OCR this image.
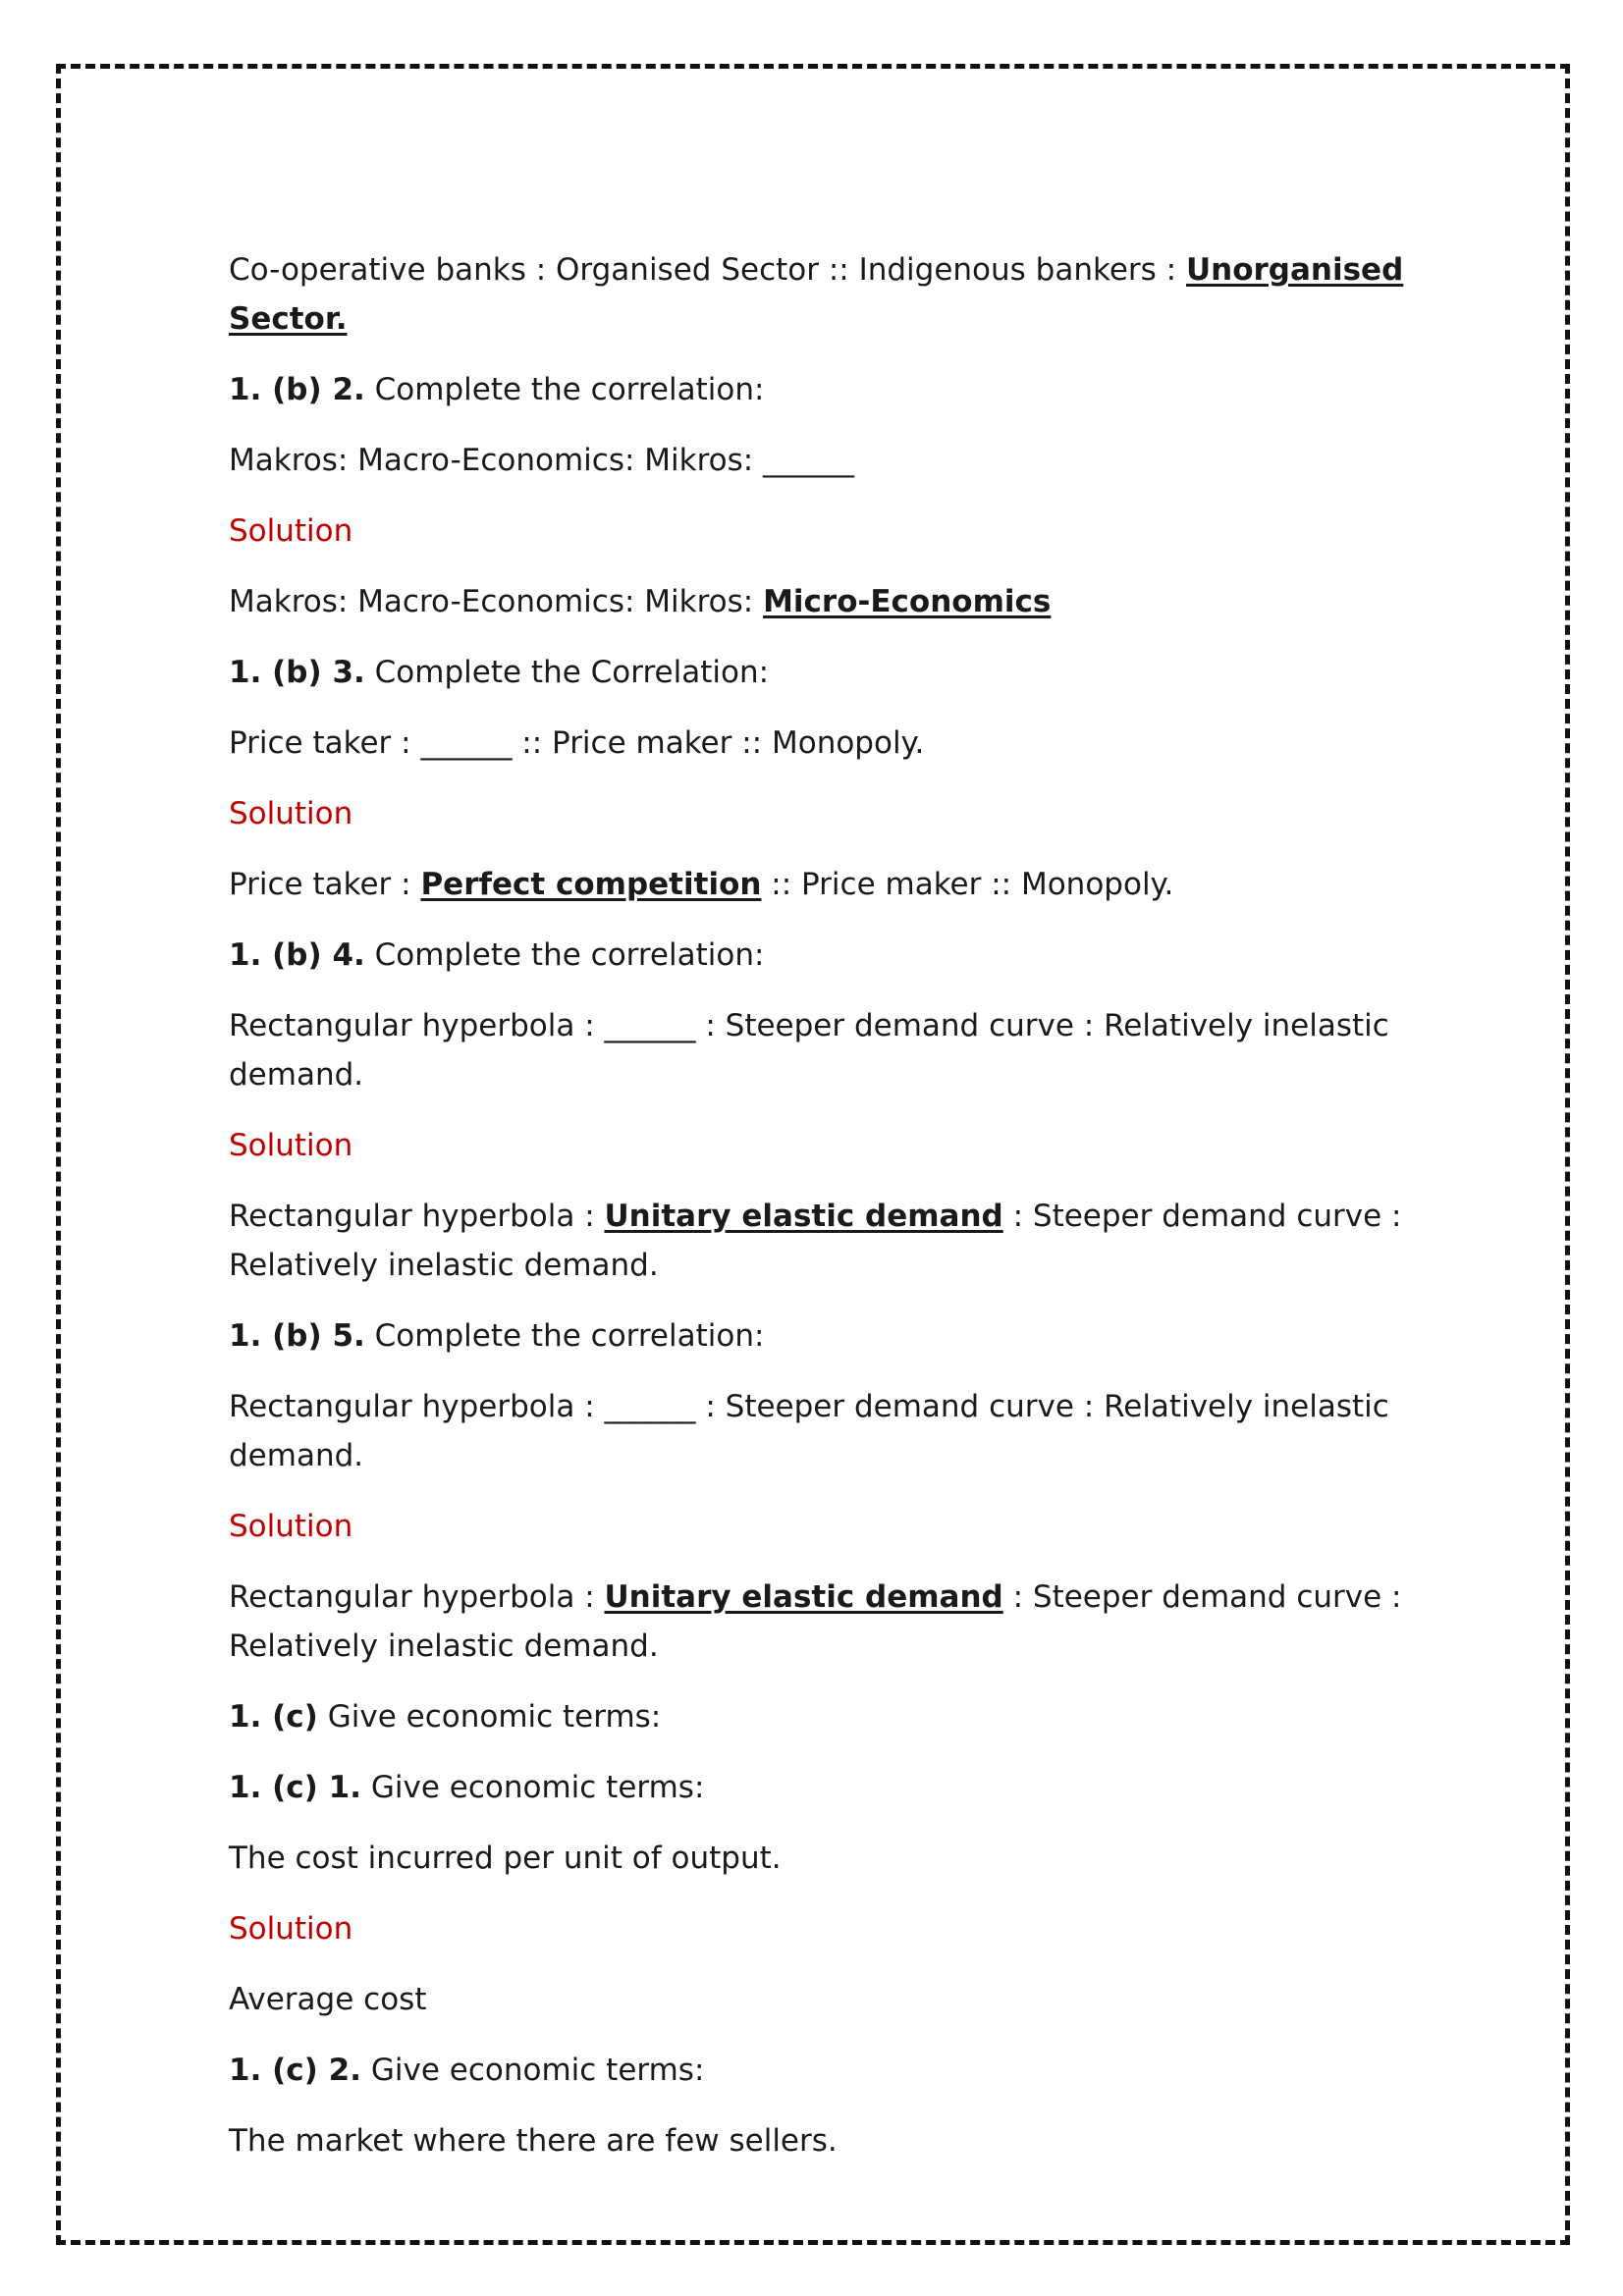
Co-operative banks : Organised Sector :: Indigenous bankers : Unorganised Sector.

1. (b) 2. Complete the correlation:

Makros: Macro-Economics: Mikros: ______

Solution

Makros: Macro-Economics: Mikros: Micro-Economics

1. (b) 3. Complete the Correlation:

Price taker : ______ :: Price maker :: Monopoly.

Solution

Price taker : Perfect competition :: Price maker :: Monopoly.

1. (b) 4. Complete the correlation:

Rectangular hyperbola : ______ : Steeper demand curve : Relatively inelastic demand.

Solution

Rectangular hyperbola : Unitary elastic demand : Steeper demand curve : Relatively inelastic demand.

1. (b) 5. Complete the correlation:

Rectangular hyperbola : ______ : Steeper demand curve : Relatively inelastic demand.

Solution

Rectangular hyperbola : Unitary elastic demand : Steeper demand curve : Relatively inelastic demand.

1. (c) Give economic terms:

1. (c) 1. Give economic terms:

The cost incurred per unit of output.

Solution

Average cost

1. (c) 2. Give economic terms:

The market where there are few sellers.
